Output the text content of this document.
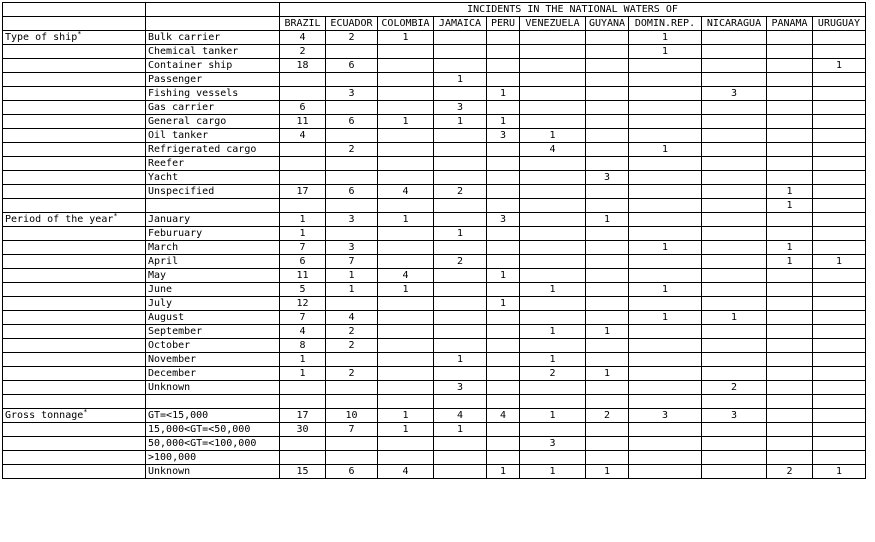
		INCIDENTS IN THE NATIONAL WATERS OF										
		BRAZIL	ECUADOR	COLOMBIA	JAMAICA	PERU	VENEZUELA	GUYANA	DOMIN.REP.	NICARAGUA	PANAMA	URUGUAY
Type of ship*	Bulk carrier	4	2	1					1			
	Chemical tanker	2							1			
	Container ship	18	6									1
	Passenger				1							
	Fishing vessels		3			1				3		
	Gas carrier	6			3							
	General cargo	11	6	1	1	1						
	Oil tanker	4				3	1					
	Refrigerated cargo		2				4		1			
	Reefer											
	Yacht							3				
	Unspecified	17	6	4	2						1	
											1	
Period of the year*	January	1	3	1		3		1				
	Feburuary	1			1							
	March	7	3						1		1	
	April	6	7		2						1	1
	May	11	1	4		1						
	June	5	1	1			1		1			
	July	12				1						
	August	7	4						1	1		
	September	4	2				1	1				
	October	8	2									
	November	1			1		1					
	December	1	2				2	1				
	Unknown				3					2		

Gross tonnage*	GT=<15,000	17	10	1	4	4	1	2	3	3		
	15,000<GT=<50,000	30	7	1	1							
	50,000<GT=<100,000						3					
	>100,000											
	Unknown	15	6	4		1	1	1			2	1
